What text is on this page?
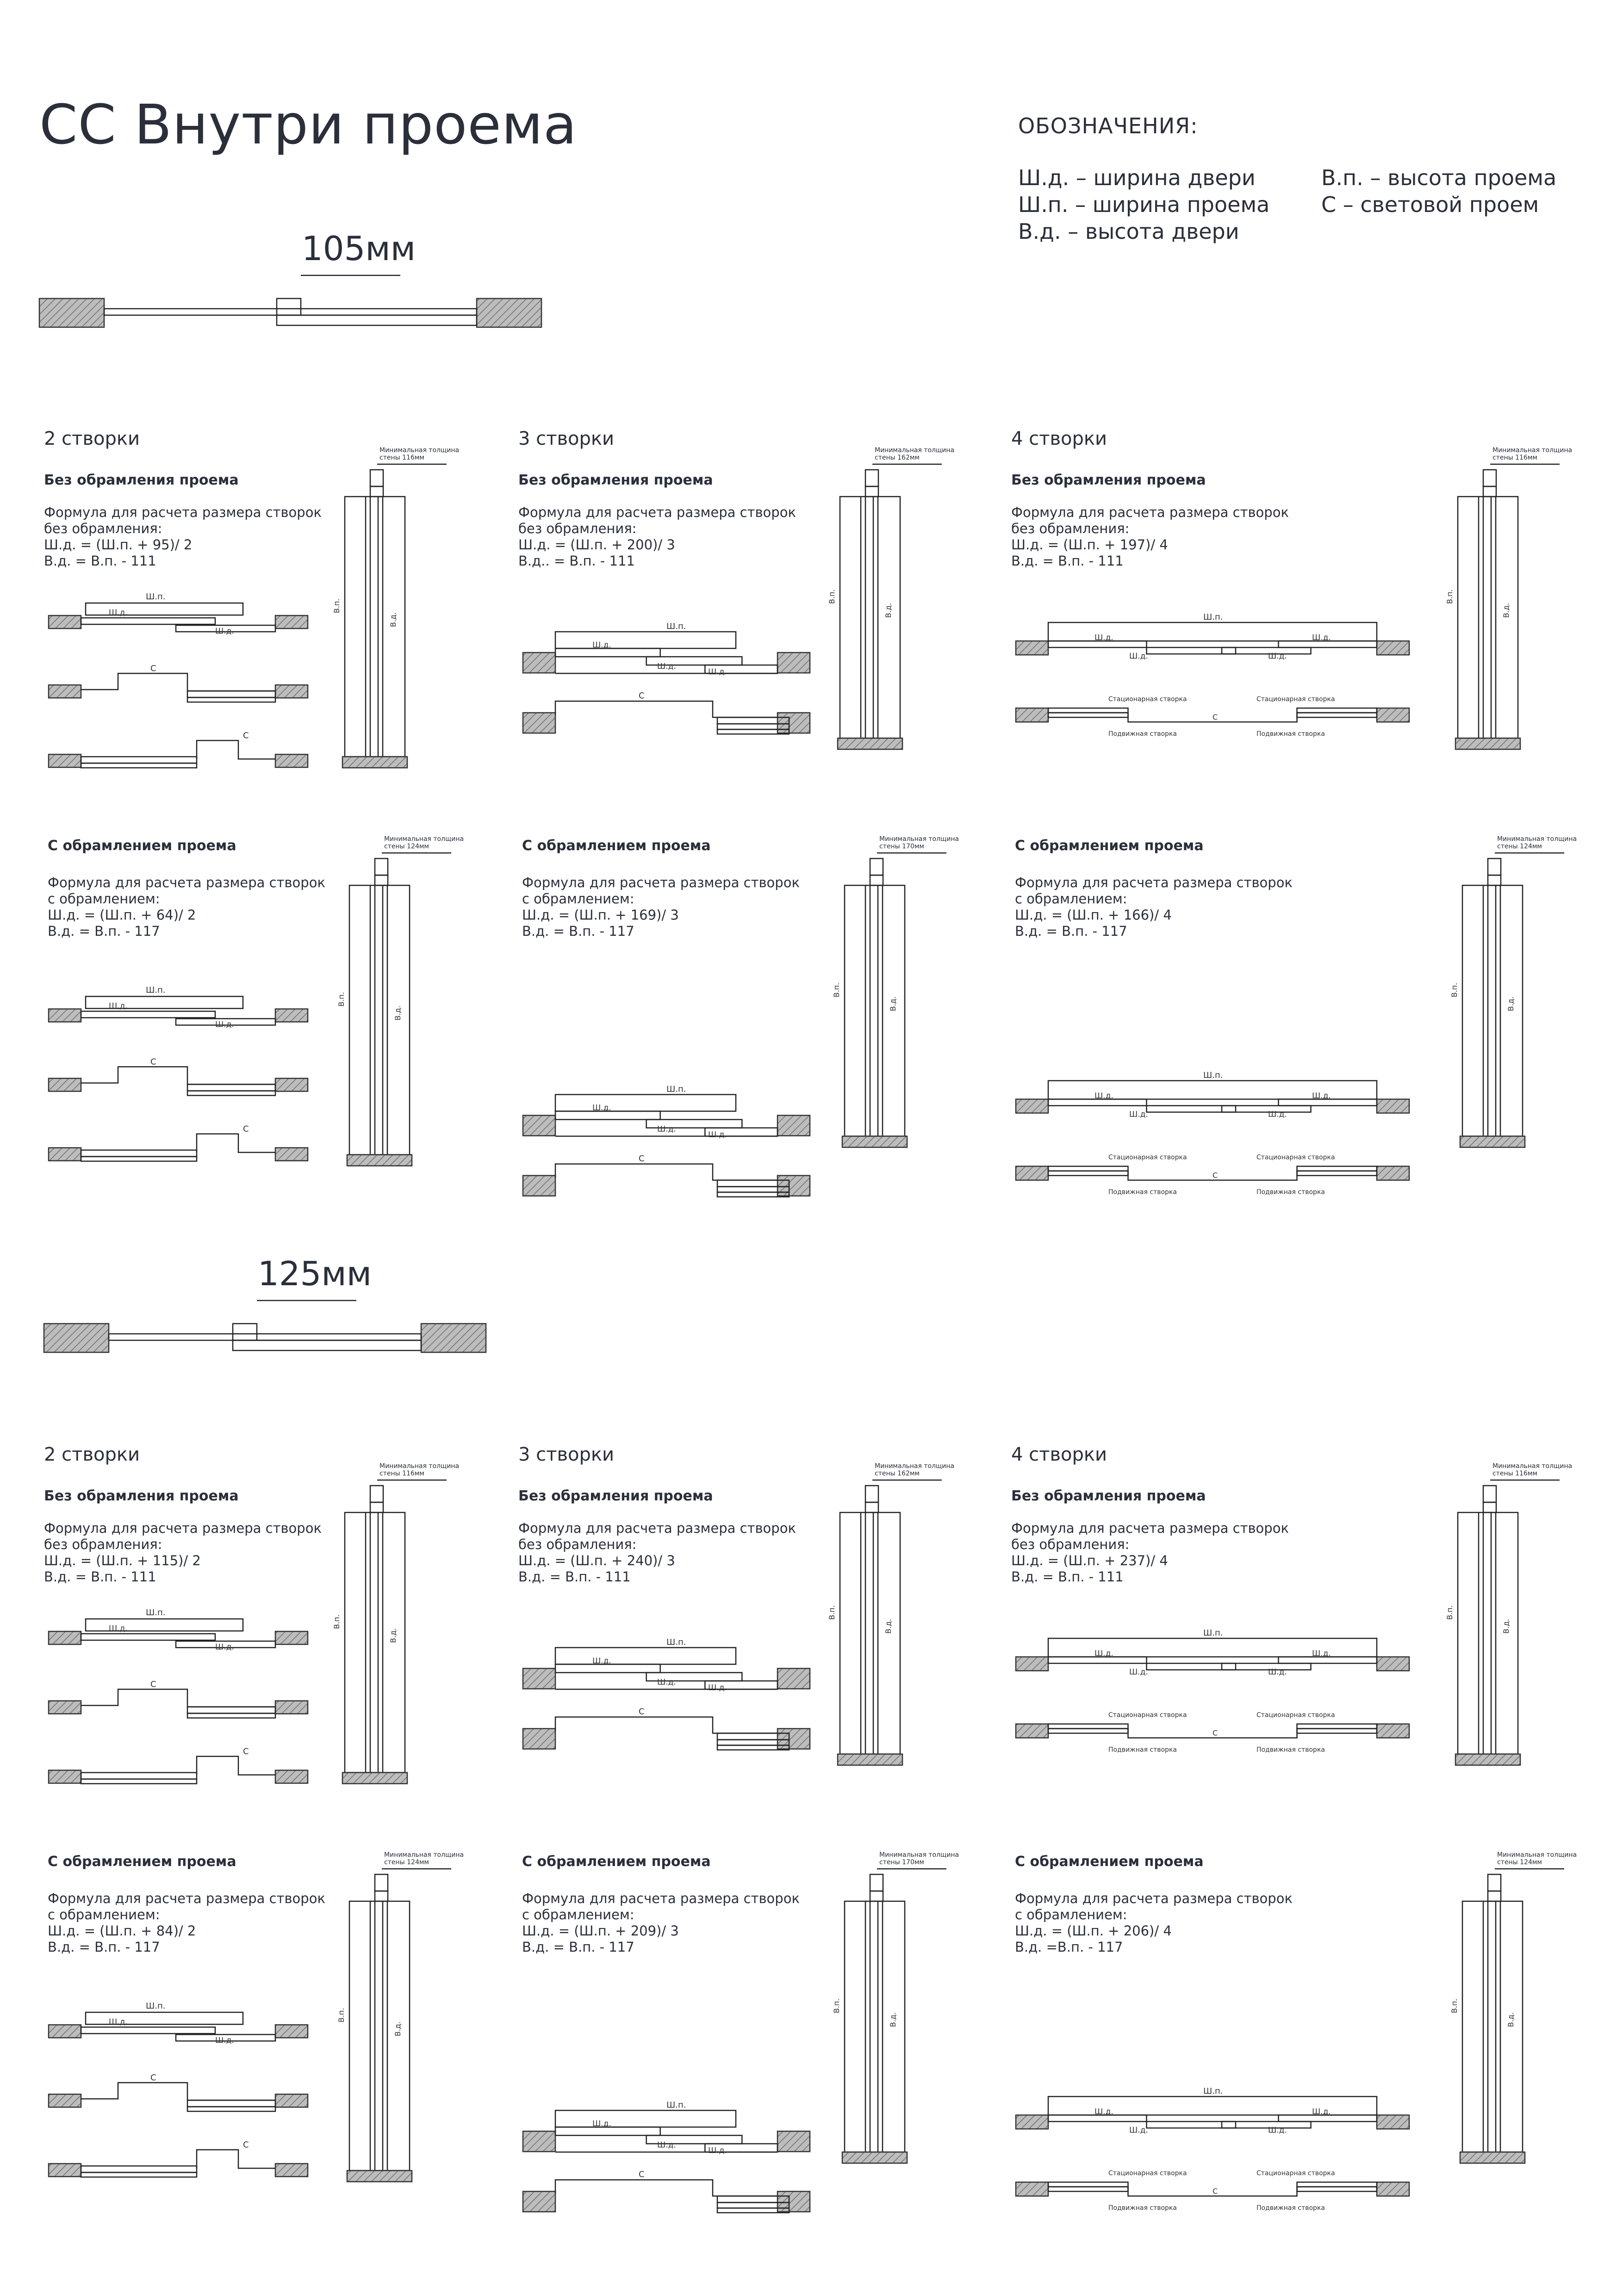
СС Внутри проема	ОБОЗНАЧЕНИЯ:
Ш.д. – ширина двери
Ш.п. – ширина проема
В.д. – высота двери
В.п. – высота проема
С – световой проем
Ш.п.
Ш.д.
Ш.д.
С
С
Ш.п.
Ш.д.
Ш.д.
С
С
В.п.
В.д.
В.п.
В.д.
Ш.п.
Ш.д.
Ш.д.
Ш.д.
С
Ш.п.
Ш.д.
Ш.д.
Ш.д.
С
В.п.
В.д.
В.п.
В.д.
Ш.п.
Ш.д.
Ш.д.	Ш.д.
Ш.д.
Стационарная створка	Стационарная створка
Подвижная створка	Подвижная створка
С
Ш.п.
Ш.д.
Ш.д.	Ш.д.
Ш.д.
Стационарная створка	Стационарная створка
Подвижная створка	Подвижная створка
С
В.п.
В.д.
В.п.
В.д.
Ш.п.
Ш.д.
Ш.д.
С
С
Ш.п.
Ш.д.
Ш.д.
С
С
В.п.
В.д.
В.п.
В.д.
Ш.п.
Ш.д.
Ш.д.
Ш.д.
С
Ш.п.
Ш.д.
Ш.д.
Ш.д.
С
В.п.
В.д.
В.п.
В.д.
Ш.п.
Ш.д.
Ш.д.	Ш.д.
Ш.д.
Стационарная створка	Стационарная створка
Подвижная створка	Подвижная створка
С
Ш.п.
Ш.д.
Ш.д.	Ш.д.
Ш.д.
Стационарная створка	Стационарная створка
Подвижная створка	Подвижная створка
С
В.п.
В.д.
В.п.
В.д.
105мм
2 створки
Без обрамления проема
Формула для расчета размера створок
без обрамления:
Ш.д. = (Ш.п. + 95)/ 2
В.д. = В.п. - 111
С обрамлением проема
Формула для расчета размера створок
с обрамлением:
Ш.д. = (Ш.п. + 64)/ 2
В.д. = В.п. - 117
Минимальная толщина
стены 116мм
Минимальная толщина
стены 124мм
3 створки
Без обрамления проема
Формула для расчета размера створок
без обрамления:
Ш.д. = (Ш.п. + 200)/ 3
В.д.. = В.п. - 111
С обрамлением проема
Формула для расчета размера створок
с обрамлением:
Ш.д. = (Ш.п. + 169)/ 3
В.д. = В.п. - 117
Минимальная толщина
стены 162мм
Минимальная толщина
стены 170мм
4 створки
Без обрамления проема
Формула для расчета размера створок
без обрамления:
Ш.д. = (Ш.п. + 197)/ 4
В.д. = В.п. - 111
С обрамлением проема
Формула для расчета размера створок
с обрамлением:
Ш.д. = (Ш.п. + 166)/ 4
В.д. = В.п. - 117
Минимальная толщина
стены 116мм
Минимальная толщина
стены 124мм
125мм
2 створки
Без обрамления проема
Формула для расчета размера створок
без обрамления:
Ш.д. = (Ш.п. + 115)/ 2
В.д. = В.п. - 111
С обрамлением проема
Формула для расчета размера створок
с обрамлением:
Ш.д. = (Ш.п. + 84)/ 2
В.д. = В.п. - 117
Минимальная толщина
стены 116мм
Минимальная толщина
стены 124мм
3 створки
Без обрамления проема
Формула для расчета размера створок
без обрамления:
Ш.д. = (Ш.п. + 240)/ 3
В.д. = В.п. - 111
С обрамлением проема
Формула для расчета размера створок
с обрамлением:
Ш.д. = (Ш.п. + 209)/ 3
В.д. = В.п. - 117
Минимальная толщина
стены 162мм
Минимальная толщина
стены 170мм
4 створки
Без обрамления проема
Формула для расчета размера створок
без обрамления:
Ш.д. = (Ш.п. + 237)/ 4
В.д. = В.п. - 111
С обрамлением проема
Формула для расчета размера створок
с обрамлением:
Ш.д. = (Ш.п. + 206)/ 4
В.д. =В.п. - 117
Минимальная толщина
стены 116мм
Минимальная толщина
стены 124мм
